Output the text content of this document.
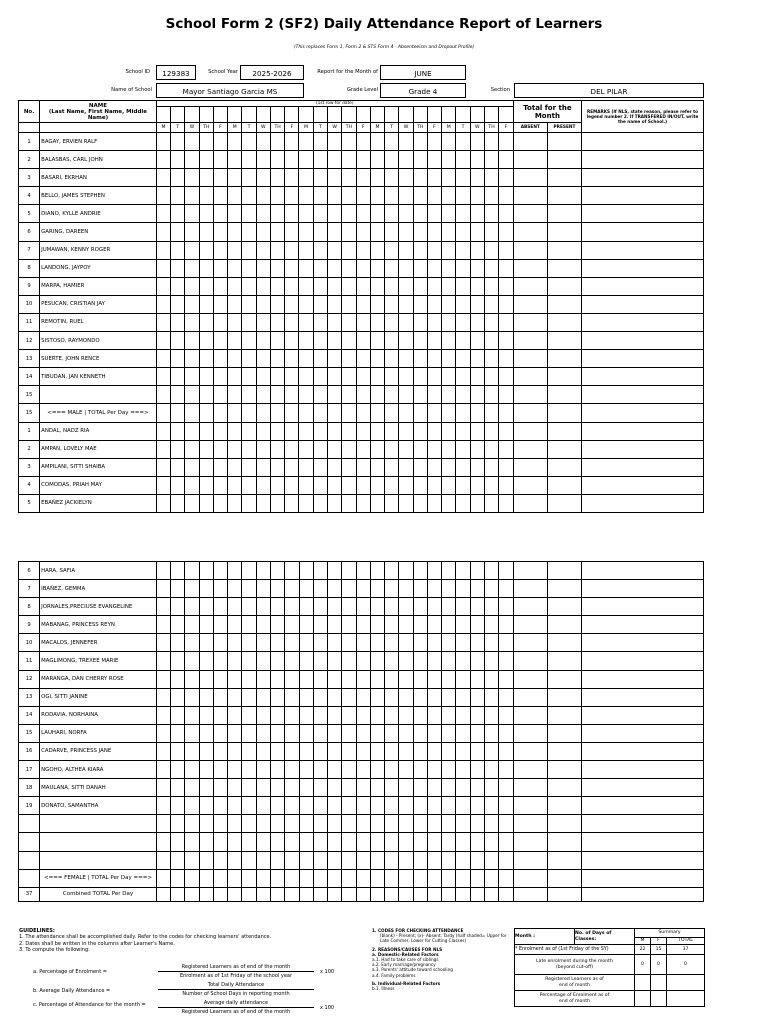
School Form 2 (SF2) Daily Attendance Report of Learners
(This replaces Form 1, Form 2 & STS Form 4 - Absenteeism and Dropout Profile)
School ID	129383	School Year	2025-2026	Report for the Month of	JUNE
Name of School	Mayor Santiago Garcia MS	Grade Level	Grade 4	Section	DEL PILAR
No.	NAME
(Last Name, First Name, Middle Name)	(1st row for date)																									Total for the Month		REMARKS (If NLS, state reason, please refer to legend number 2. If TRANSFERED IN/OUT, write the name of School.)

		M	T	W	TH	F	M	T	W	TH	F	M	T	W	TH	F	M	T	W	TH	F	M	T	W	TH	F	ABSENT	PRESENT	
1	BAGAY, ERVIEN RALF																												
2	BALASBAS, CARL JOHN																												
3	BASARI, EKRHAN																												
4	BELLO, JAMES STEPHEN																												
5	DIANO, KYLLE ANDRIE																												
6	GARING, DAREEN																												
7	JUMAWAN, KENNY ROGER																												
8	LANDONG, JAYPOY																												
9	MARPA, HAMIER																												
10	PESUCAN, CRISTIAN JAY																												
11	REMOTIN, RUEL																												
12	SISTOSO, RAYMONDO																												
13	SUERTE, JOHN RENCE																												
14	TIBUDAN, JAN KENNETH																												
15																													
15	<=== MALE | TOTAL Per Day ===>																												
1	ANDAL, NADZ RIA																												
2	AMPAN, LOVELY MAE																												
3	AMPILANI, SITTI SHAIBA																												
4	COMODAS, PRIAH MAY																												
5	EBAÑEZ JACKIELYN																												
6	HARA, SAFIA																												
7	IBAÑEZ, GEMMA																												
8	JORNALES,PRECIUSE EVANGELINE																												
9	MABANAG, PRINCESS REYN																												
10	MACALOS, JENNEFER																												
11	MAGLIMONG, TREXEE MARIE																												
12	MARANGA, DAN CHERRY ROSE																												
13	OGI, SITTI JANINE																												
14	RODAVIA, NORHAINA																												
15	LAUHARI, NORFA																												
16	CADARVE, PRINCESS JANE																												
17	NGOHO, ALTHEA KIARA																												
18	MAULANA, SITTI DANAH																												
19	DONATO, SAMANTHA																												

	<=== FEMALE | TOTAL Per Day ===>																												
37	Combined TOTAL Per Day																												
GUIDELINES:
1. The attendance shall be accomplished daily. Refer to the codes for checking learners' attendance.
2. Dates shall be written in the columns after Learner's Name.
3. To compute the following:
a. Percentage of Enrolment =
Registered Learners as of end of the month
Enrolment as of 1st Friday of the school year
x 100
b. Average Daily Attendance =
Total Daily Attendance
Number of School Days in reporting month
c. Percentage of Attendance for the month =	Average daily attendance
Registered Learners as of end of the month
x 100
1. CODES FOR CHECKING ATTENDANCE
(blank) - Present; (x)- Absent; Tardy (half shaded= Upper for Late Commer, Lower for Cutting Classes)
2. REASONS/CAUSES FOR NLS
a. Domestic-Related Factors
a.1. Had to take care of siblings
a.2. Early marriage/pregnancy
a.3. Parents' attitude toward schooling
a.4. Family problems
b. Individual-Related Factors
b.1. Illness
Month :	No. of Days of Classes:	Summary		
		M	F	TOTAL
* Enrolment as of (1st Friday of the SY)		22	15	37
Late enrolment during the month
(beyond cut-off)		0	0	0
Registered Learners as of
end of month				
Percentage of Enrolment as of
end of month				
